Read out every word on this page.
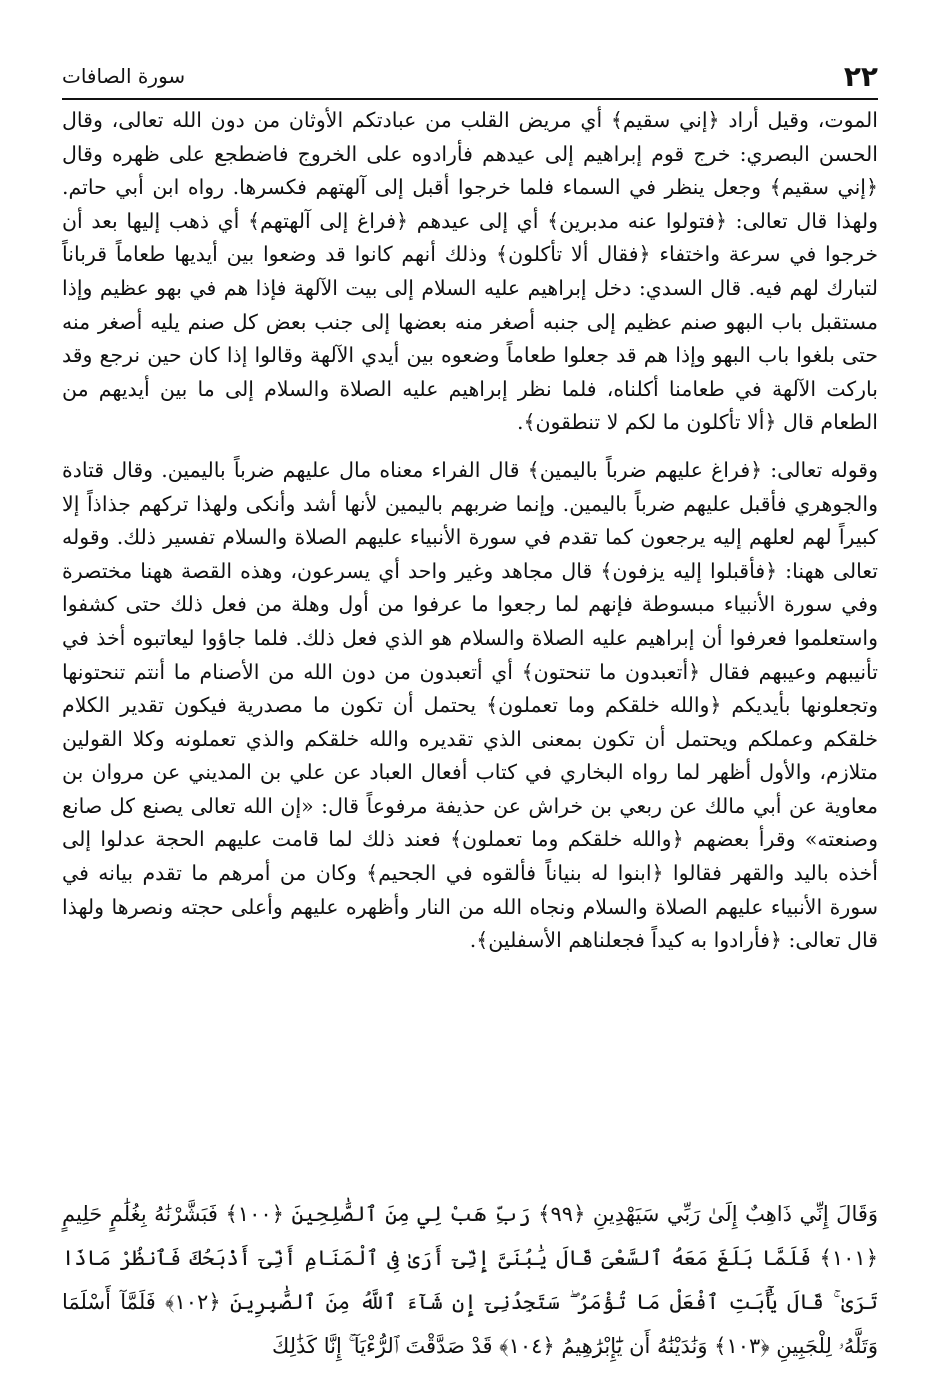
٢٢
سورة الصافات

الموت، وقيل أراد ﴿إني سقيم﴾ أي مريض القلب من عبادتكم الأوثان من دون الله تعالى، وقال الحسن البصري: خرج قوم إبراهيم إلى عيدهم فأرادوه على الخروج فاضطجع على ظهره وقال ﴿إني سقيم﴾ وجعل ينظر في السماء فلما خرجوا أقبل إلى آلهتهم فكسرها. رواه ابن أبي حاتم. ولهذا قال تعالى: ﴿فتولوا عنه مدبرين﴾ أي إلى عيدهم ﴿فراغ إلى آلهتهم﴾ أي ذهب إليها بعد أن خرجوا في سرعة واختفاء ﴿فقال ألا تأكلون﴾ وذلك أنهم كانوا قد وضعوا بين أيديها طعاماً قرباناً لتبارك لهم فيه. قال السدي: دخل إبراهيم عليه السلام إلى بيت الآلهة فإذا هم في بهو عظيم وإذا مستقبل باب البهو صنم عظيم إلى جنبه أصغر منه بعضها إلى جنب بعض كل صنم يليه أصغر منه حتى بلغوا باب البهو وإذا هم قد جعلوا طعاماً وضعوه بين أيدي الآلهة وقالوا إذا كان حين نرجع وقد باركت الآلهة في طعامنا أكلناه، فلما نظر إبراهيم عليه الصلاة والسلام إلى ما بين أيديهم من الطعام قال ﴿ألا تأكلون ما لكم لا تنطقون﴾.

وقوله تعالى: ﴿فراغ عليهم ضرباً باليمين﴾ قال الفراء معناه مال عليهم ضرباً باليمين. وقال قتادة والجوهري فأقبل عليهم ضرباً باليمين. وإنما ضربهم باليمين لأنها أشد وأنكى ولهذا تركهم جذاذاً إلا كبيراً لهم لعلهم إليه يرجعون كما تقدم في سورة الأنبياء عليهم الصلاة والسلام تفسير ذلك. وقوله تعالى ههنا: ﴿فأقبلوا إليه يزفون﴾ قال مجاهد وغير واحد أي يسرعون، وهذه القصة ههنا مختصرة وفي سورة الأنبياء مبسوطة فإنهم لما رجعوا ما عرفوا من أول وهلة من فعل ذلك حتى كشفوا واستعلموا فعرفوا أن إبراهيم عليه الصلاة والسلام هو الذي فعل ذلك. فلما جاؤوا ليعاتبوه أخذ في تأنيبهم وعيبهم فقال ﴿أتعبدون ما تنحتون﴾ أي أتعبدون من دون الله من الأصنام ما أنتم تنحتونها وتجعلونها بأيديكم ﴿والله خلقكم وما تعملون﴾ يحتمل أن تكون ما مصدرية فيكون تقدير الكلام خلقكم وعملكم ويحتمل أن تكون بمعنى الذي تقديره والله خلقكم والذي تعملونه وكلا القولين متلازم، والأول أظهر لما رواه البخاري في كتاب أفعال العباد عن علي بن المديني عن مروان بن معاوية عن أبي مالك عن ربعي بن خراش عن حذيفة مرفوعاً قال: «إن الله تعالى يصنع كل صانع وصنعته» وقرأ بعضهم ﴿والله خلقكم وما تعملون﴾ فعند ذلك لما قامت عليهم الحجة عدلوا إلى أخذه باليد والقهر فقالوا ﴿ابنوا له بنياناً فألقوه في الجحيم﴾ وكان من أمرهم ما تقدم بيانه في سورة الأنبياء عليهم الصلاة والسلام ونجاه الله من النار وأظهره عليهم وأعلى حجته ونصرها ولهذا قال تعالى: ﴿فأرادوا به كيداً فجعلناهم الأسفلين﴾.

وَقَالَ إِنِّي ذَاهِبٌ إِلَىٰ رَبِّي سَيَهْدِينِ ﴿٩٩﴾ رَبِّ هَبْ لِي مِنَ ٱلصَّٰلِحِينَ ﴿١٠٠﴾ فَبَشَّرْنَٰهُ بِغُلَٰمٍ حَلِيمٍ ﴿١٠١﴾ فَلَمَّا بَلَغَ مَعَهُ ٱلسَّعْىَ قَالَ يَٰبُنَىَّ إِنِّىٓ أَرَىٰ فِى ٱلْمَنَامِ أَنِّىٓ أَذْبَحُكَ فَٱنظُرْ مَاذَا تَرَىٰ ۚ قَالَ يَٰٓأَبَتِ ٱفْعَلْ مَا تُؤْمَرُ ۖ سَتَجِدُنِىٓ إِن شَآءَ ٱللَّهُ مِنَ ٱلصَّٰبِرِينَ ﴿١٠٢﴾ فَلَمَّآ أَسْلَمَا وَتَلَّهُۥ لِلْجَبِينِ ﴿١٠٣﴾ وَنَٰدَيْنَٰهُ أَن يَٰٓإِبْرَٰهِيمُ ﴿١٠٤﴾ قَدْ صَدَّقْتَ ٱلرُّءْيَآ ۚ إِنَّا كَذَٰلِكَ
